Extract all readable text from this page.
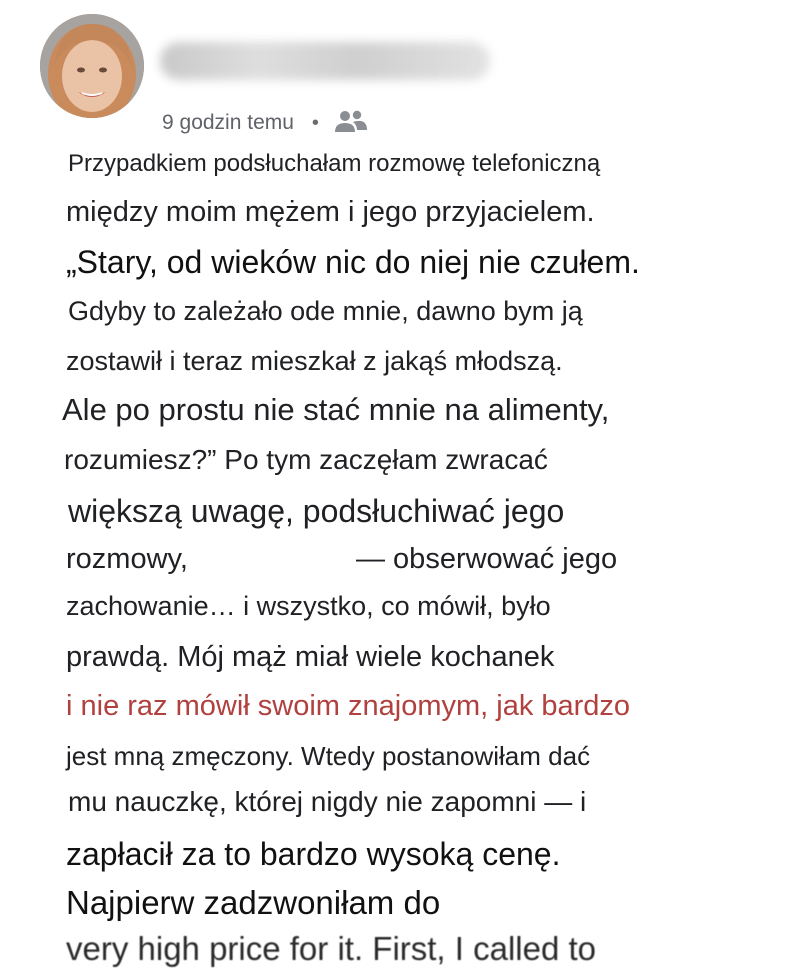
9 godzin temu •
Przypadkiem podsłuchałam rozmowę telefoniczną
między moim mężem i jego przyjacielem.
„Stary, od wieków nic do niej nie czułem.
Gdyby to zależało ode mnie, dawno bym ją
zostawił i teraz mieszkał z jakąś młodszą.
Ale po prostu nie stać mnie na alimenty,
rozumiesz?” Po tym zaczęłam zwracać
większą uwagę, podsłuchiwać jego
rozmowy,	— obserwować jego
zachowanie… i wszystko, co mówił, było
prawdą. Mój mąż miał wiele kochanek
i nie raz mówił swoim znajomym, jak bardzo
jest mną zmęczony. Wtedy postanowiłam dać
mu nauczkę, której nigdy nie zapomni — i
zapłacił za to bardzo wysoką cenę.
Najpierw zadzwoniłam do
very high price for it. First, I called to
